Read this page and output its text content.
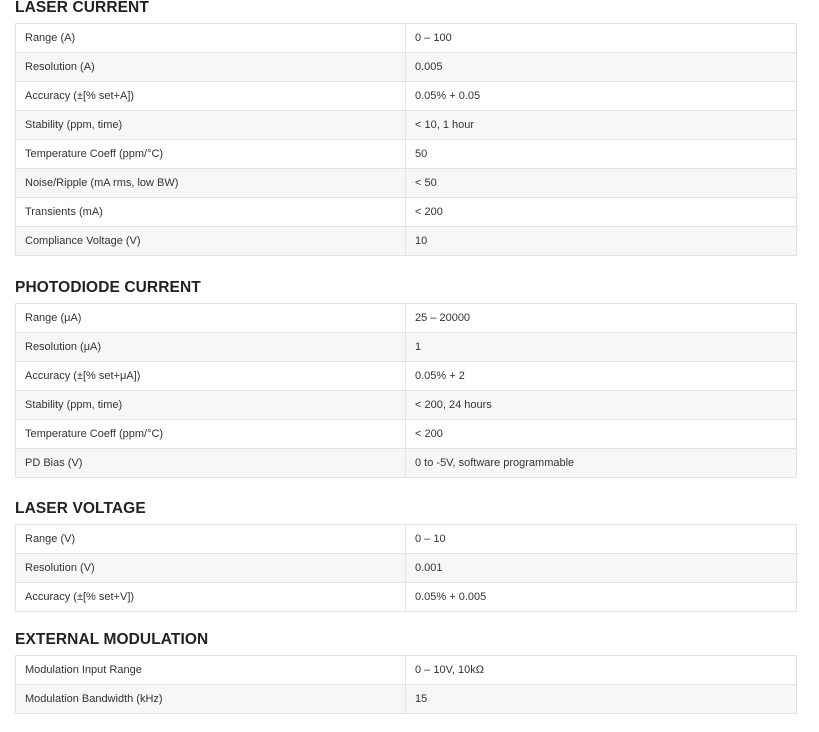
LASER CURRENT
Range (A)	0 – 100
Resolution (A)	0.005
Accuracy (±[% set+A])	0.05% + 0.05
Stability (ppm, time)	< 10, 1 hour
Temperature Coeff (ppm/°C)	50
Noise/Ripple (mA rms, low BW)	< 50
Transients (mA)	< 200
Compliance Voltage (V)	10
PHOTODIODE CURRENT
Range (μA)	25 – 20000
Resolution (μA)	1
Accuracy (±[% set+μA])	0.05% + 2
Stability (ppm, time)	< 200, 24 hours
Temperature Coeff (ppm/°C)	< 200
PD Bias (V)	0 to -5V, software programmable
LASER VOLTAGE
Range (V)	0 – 10
Resolution (V)	0.001
Accuracy (±[% set+V])	0.05% + 0.005
EXTERNAL MODULATION
Modulation Input Range	0 – 10V, 10kΩ
Modulation Bandwidth (kHz)	15
